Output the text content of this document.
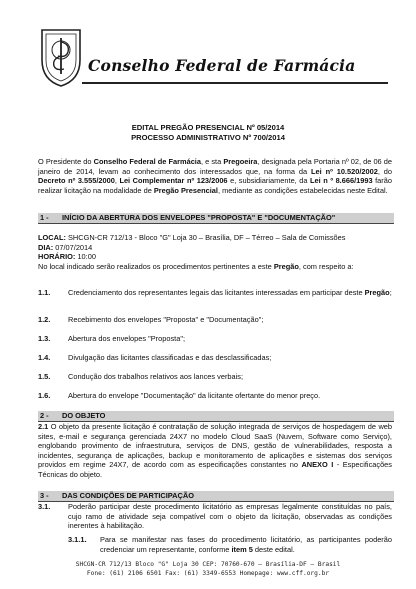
Conselho Federal de Farmácia
EDITAL PREGÃO PRESENCIAL Nº 05/2014
PROCESSO ADMINISTRATIVO Nº 700/2014
O Presidente do Conselho Federal de Farmácia, e sta Pregoeira, designada pela Portaria nº 02, de 06 de janeiro de 2014, levam ao conhecimento dos interessados que, na forma da Lei nº 10.520/2002, do Decreto nº 3.555/2000, Lei Complementar nº 123/2006 e, subsidiariamente, da Lei n º 8.666/1993 farão realizar licitação na modalidade de Pregão Presencial, mediante as condições estabelecidas neste Edital.
1 - INÍCIO DA ABERTURA DOS ENVELOPES "PROPOSTA" E "DOCUMENTAÇÃO"
LOCAL: SHCGN-CR 712/13 - Bloco "G" Loja 30 – Brasília, DF – Térreo – Sala de Comissões
DIA: 07/07/2014
HORÁRIO: 10:00
No local indicado serão realizados os procedimentos pertinentes a este Pregão, com respeito a:
1.1. Credenciamento dos representantes legais das licitantes interessadas em participar deste Pregão;
1.2. Recebimento dos envelopes "Proposta" e "Documentação";
1.3. Abertura dos envelopes "Proposta";
1.4. Divulgação das licitantes classificadas e das desclassificadas;
1.5. Condução dos trabalhos relativos aos lances verbais;
1.6. Abertura do envelope "Documentação" da licitante ofertante do menor preço.
2 - DO OBJETO
2.1 O objeto da presente licitação é contratação de solução integrada de serviços de hospedagem de web sites, e-mail e segurança gerenciada 24X7 no modelo Cloud SaaS (Nuvem, Software como Serviço), englobando provimento de infraestrutura, serviços de DNS, gestão de vulnerabilidades, resposta a incidentes, segurança de aplicações, backup e monitoramento de aplicações e sistemas dos serviços providos em regime 24X7, de acordo com as especificações constantes no ANEXO I - Especificações Técnicas do objeto.
3 - DAS CONDIÇÕES DE PARTICIPAÇÃO
3.1. Poderão participar deste procedimento licitatório as empresas legalmente constituídas no país, cujo ramo de atividade seja compatível com o objeto da licitação, observadas as condições inerentes à habilitação.
3.1.1. Para se manifestar nas fases do procedimento licitatório, as participantes poderão credenciar um representante, conforme item 5 deste edital.
SHCGN-CR 712/13 Bloco "G" Loja 30 CEP: 70760-670 – Brasília-DF – Brasil
Fone: (61) 2106 6501 Fax: (61) 3349-6553 Homepage: www.cff.org.br
